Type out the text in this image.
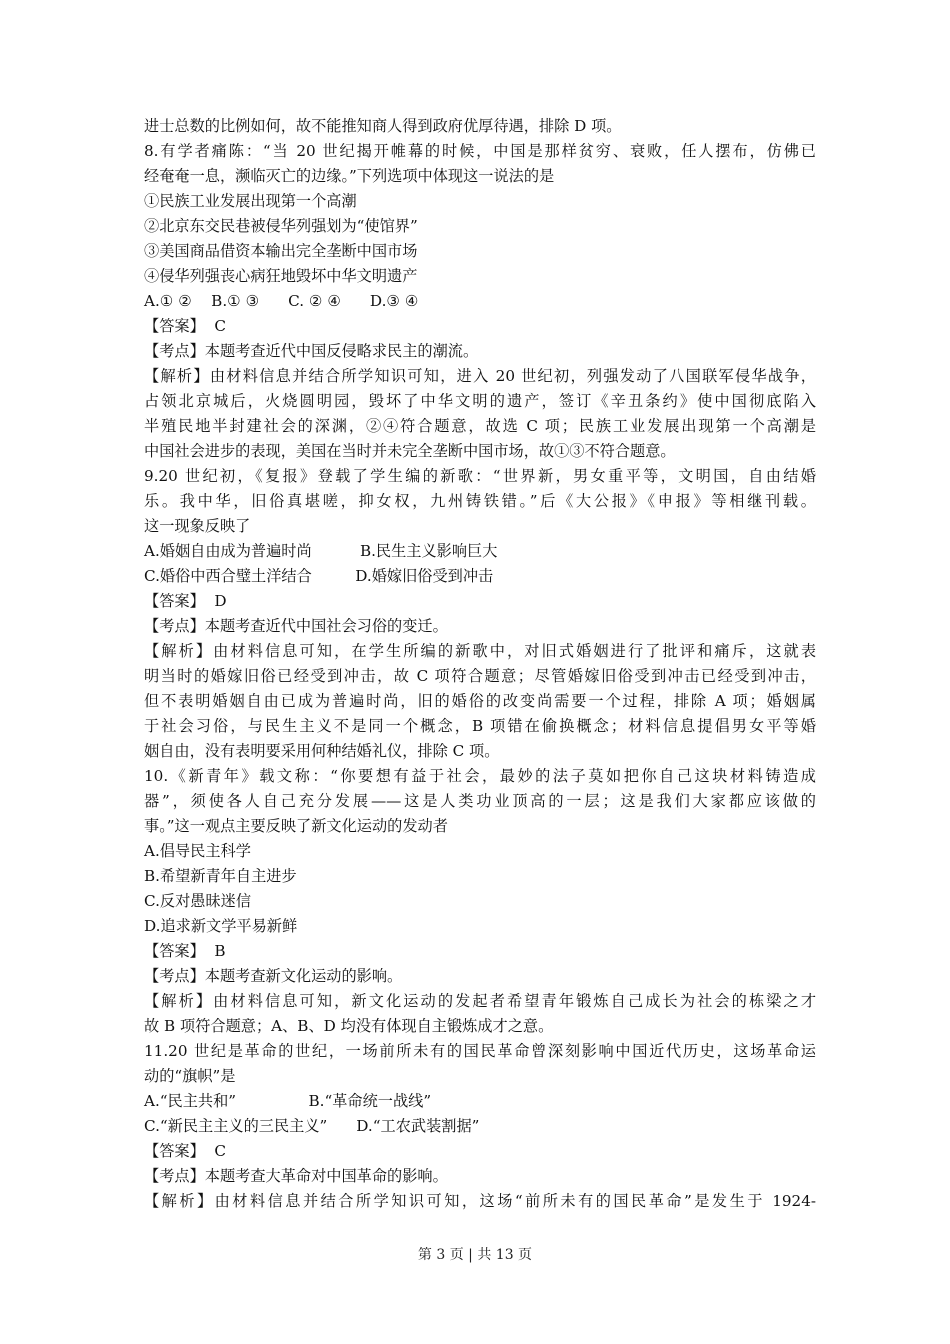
进士总数的比例如何，故不能推知商人得到政府优厚待遇，排除 D 项。
8.有学者痛陈：“当 20 世纪揭开帷幕的时候，中国是那样贫穷、衰败，任人摆布，仿佛已
经奄奄一息，濒临灭亡的边缘。”下列选项中体现这一说法的是
①民族工业发展出现第一个高潮
②北京东交民巷被侵华列强划为“使馆界”
③美国商品借资本输出完全垄断中国市场
④侵华列强丧心病狂地毁坏中华文明遗产
A.① ②    B.① ③      C. ② ④      D.③ ④
【答案】  C
【考点】本题考查近代中国反侵略求民主的潮流。
【解析】由材料信息并结合所学知识可知，进入 20 世纪初，列强发动了八国联军侵华战争，
占领北京城后，火烧圆明园，毁坏了中华文明的遗产，签订《辛丑条约》使中国彻底陷入
半殖民地半封建社会的深渊，②④符合题意，故选 C 项；民族工业发展出现第一个高潮是
中国社会进步的表现，美国在当时并未完全垄断中国市场，故①③不符合题意。
9.20 世纪初，《复报》登载了学生编的新歌：“世界新，男女重平等，文明国，自由结婚
乐。我中华，旧俗真堪嗟，抑女权，九州铸铁错。”后《大公报》《申报》等相继刊载。
这一现象反映了
A.婚姻自由成为普遍时尚          B.民生主义影响巨大
C.婚俗中西合璧土洋结合         D.婚嫁旧俗受到冲击
【答案】  D
【考点】本题考查近代中国社会习俗的变迁。
【解析】由材料信息可知，在学生所编的新歌中，对旧式婚姻进行了批评和痛斥，这就表
明当时的婚嫁旧俗已经受到冲击，故 C 项符合题意；尽管婚嫁旧俗受到冲击已经受到冲击，
但不表明婚姻自由已成为普遍时尚，旧的婚俗的改变尚需要一个过程，排除 A 项；婚姻属
于社会习俗，与民生主义不是同一个概念，B 项错在偷换概念；材料信息提倡男女平等婚
姻自由，没有表明要采用何种结婚礼仪，排除 C 项。
10.《新青年》载文称：“你要想有益于社会，最妙的法子莫如把你自己这块材料铸造成
器”，须使各人自己充分发展——这是人类功业顶高的一层；这是我们大家都应该做的
事。”这一观点主要反映了新文化运动的发动者
A.倡导民主科学
B.希望新青年自主进步
C.反对愚昧迷信
D.追求新文学平易新鲜
【答案】  B
【考点】本题考查新文化运动的影响。
【解析】由材料信息可知，新文化运动的发起者希望青年锻炼自己成长为社会的栋梁之才
故 B 项符合题意；A、B、D 均没有体现自主锻炼成才之意。
11.20 世纪是革命的世纪，一场前所未有的国民革命曾深刻影响中国近代历史，这场革命运
动的“旗帜”是
A.“民主共和”               B.“革命统一战线”
C.“新民主主义的三民主义”      D.“工农武装割据”
【答案】  C
【考点】本题考查大革命对中国革命的影响。
【解析】由材料信息并结合所学知识可知，这场“前所未有的国民革命”是发生于 1924-
第 3 页 | 共 13 页
